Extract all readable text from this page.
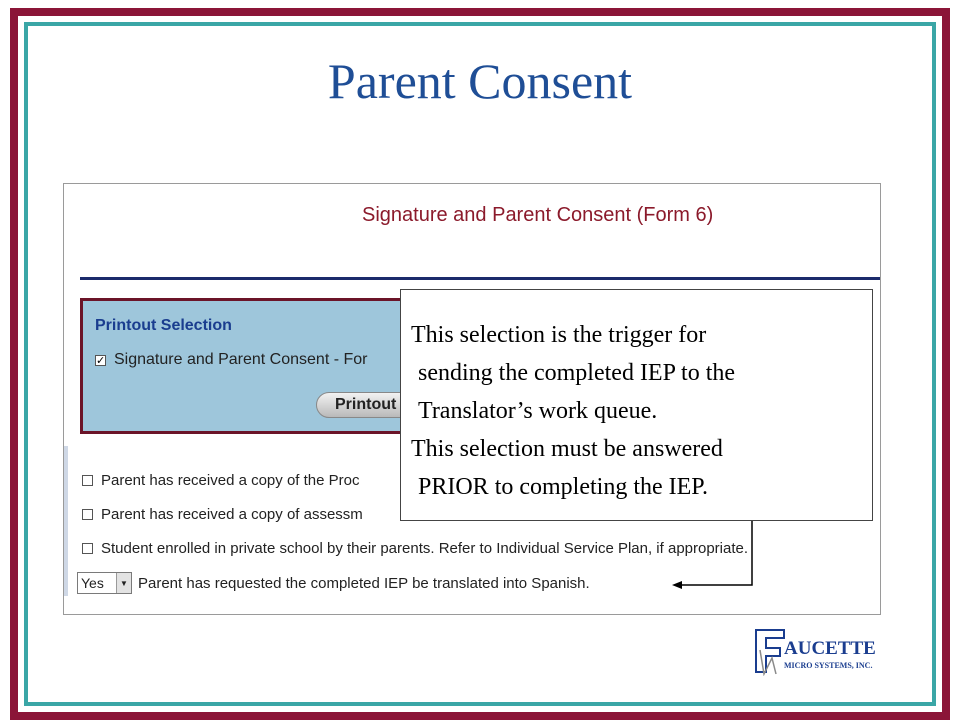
Parent Consent
Signature and Parent Consent (Form 6)
Printout Selection
✓ Signature and Parent Consent - For
Printout
Parent has received a copy of the Proc
Parent has received a copy of assessm
Student enrolled in private school by their parents. Refer to Individual Service Plan, if appropriate.
Yes	▼ Parent has requested the completed IEP be translated into Spanish.
This selection is the trigger for
sending the completed IEP to the
Translator’s work queue.
This selection must be answered
PRIOR to completing the IEP.
AUCETTE
MICRO SYSTEMS, INC.
